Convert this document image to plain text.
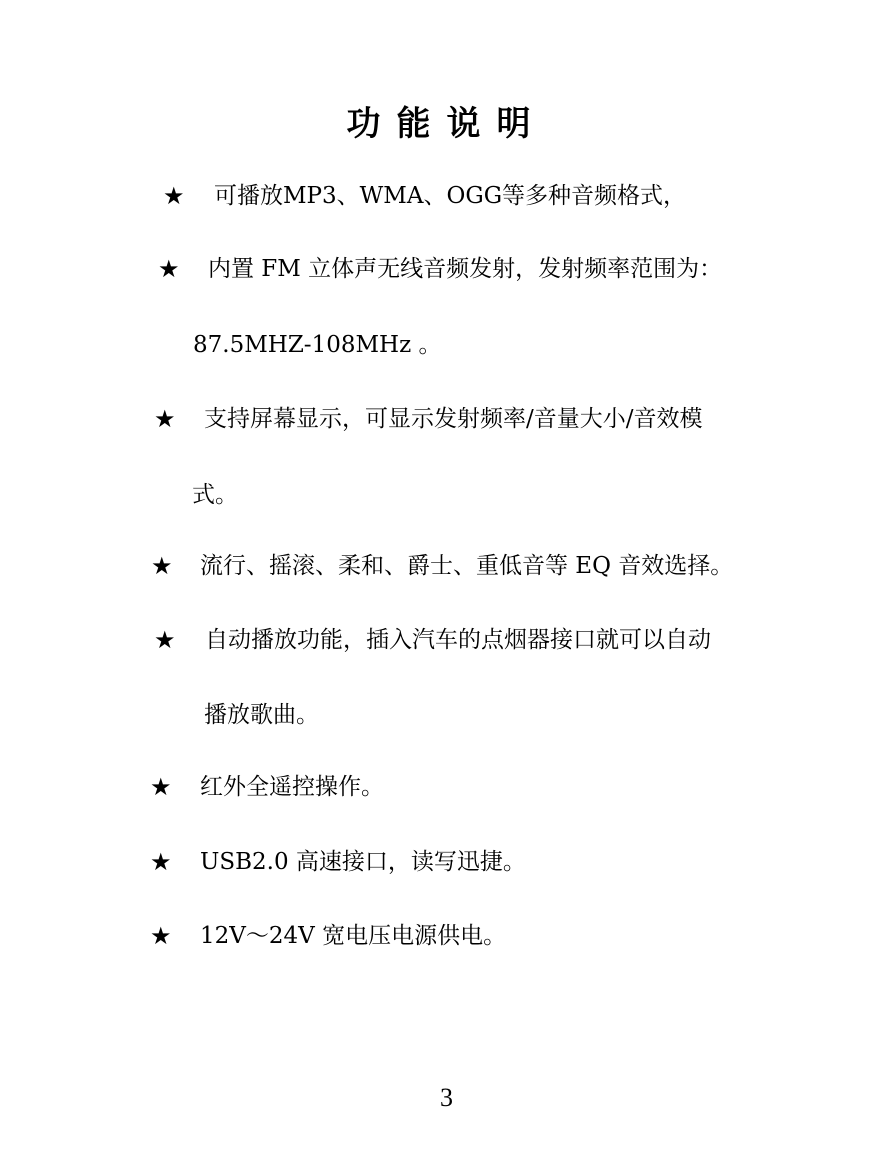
功能说明
★ 可播放MP3、WMA、OGG等多种音频格式，
★ 内置 FM 立体声无线音频发射，发射频率范围为：
87.5MHZ-108MHz 。
★ 支持屏幕显示，可显示发射频率/音量大小/音效模
式。
★ 流行、摇滚、柔和、爵士、重低音等 EQ 音效选择。
★ 自动播放功能，插入汽车的点烟器接口就可以自动
播放歌曲。
★ 红外全遥控操作。
★ USB2.0 高速接口，读写迅捷。
★ 12V～24V 宽电压电源供电。
3
